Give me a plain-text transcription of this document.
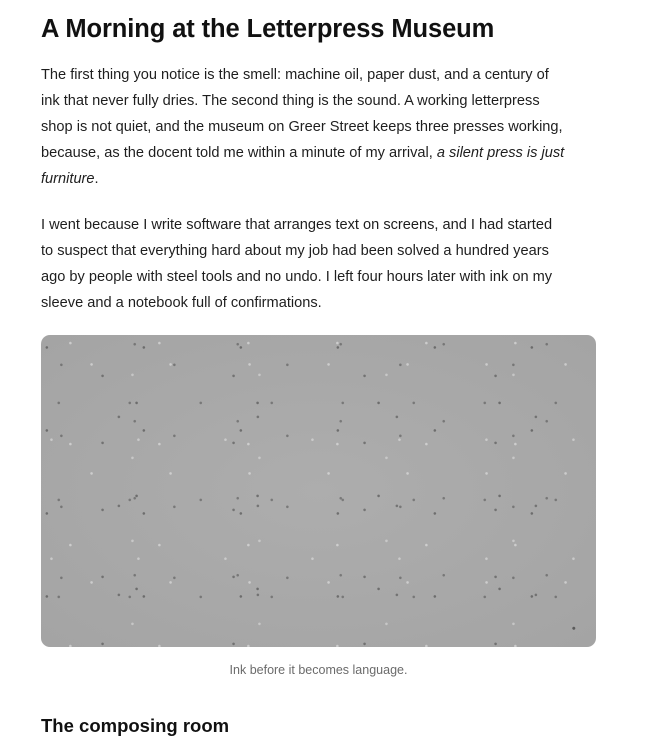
A Morning at the Letterpress Museum

The first thing you notice is the smell: machine oil, paper dust, and a century of
ink that never fully dries. The second thing is the sound. A working letterpress
shop is not quiet, and the museum on Greer Street keeps three presses working,
because, as the docent told me within a minute of my arrival, a silent press is just
furniture.

I went because I write software that arranges text on screens, and I had started
to suspect that everything hard about my job had been solved a hundred years
ago by people with steel tools and no undo. I left four hours later with ink on my
sleeve and a notebook full of confirmations.

Ink before it becomes language.
The composing room
